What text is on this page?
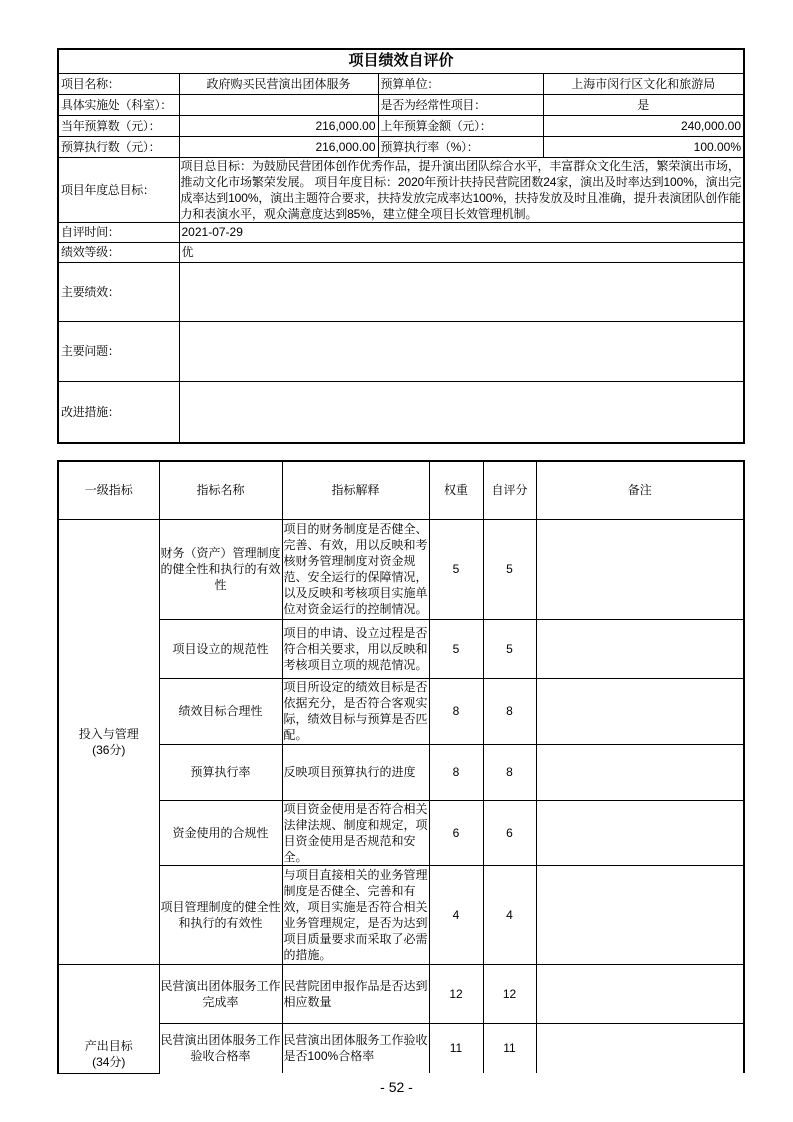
项目绩效自评价			
项目名称：	政府购买民营演出团体服务	预算单位：	上海市闵行区文化和旅游局
具体实施处（科室）：		是否为经常性项目：	是
当年预算数（元）：	216,000.00	上年预算金额（元）：	240,000.00
预算执行数（元）：	216,000.00	预算执行率（%）：	100.00%
项目年度总目标：	项目总目标：为鼓励民营团体创作优秀作品，提升演出团队综合水平，丰富群众文化生活，繁荣演出市场，推动文化市场繁荣发展。 项目年度目标：2020年预计扶持民营院团数24家，演出及时率达到100%，演出完成率达到100%，演出主题符合要求，扶持发放完成率达100%，扶持发放及时且准确，提升表演团队创作能力和表演水平，观众满意度达到85%，建立健全项目长效管理机制。		
自评时间：	2021-07-29		
绩效等级：	优		
主要绩效：			
主要问题：			
改进措施：			
一级指标	指标名称	指标解释	权重	自评分	备注

投入与管理
(36分)	财务（资产）管理制度的健全性和执行的有效性	项目的财务制度是否健全、完善、有效，用以反映和考核财务管理制度对资金规范、安全运行的保障情况，以及反映和考核项目实施单位对资金运行的控制情况。	5	5	
	项目设立的规范性	项目的申请、设立过程是否符合相关要求，用以反映和考核项目立项的规范情况。	5	5	
	绩效目标合理性	项目所设定的绩效目标是否依据充分，是否符合客观实际，绩效目标与预算是否匹配。	8	8	
	预算执行率	反映项目预算执行的进度	8	8	
	资金使用的合规性	项目资金使用是否符合相关法律法规、制度和规定，项目资金使用是否规范和安全。	6	6	
	项目管理制度的健全性和执行的有效性	与项目直接相关的业务管理制度是否健全、完善和有效，项目实施是否符合相关业务管理规定，是否为达到项目质量要求而采取了必需的措施。	4	4	

产出目标
(34分)	民营演出团体服务工作完成率	民营院团申报作品是否达到相应数量	12	12	
	民营演出团体服务工作验收合格率	民营演出团体服务工作验收是否100%合格率	11	11	
- 52 -
